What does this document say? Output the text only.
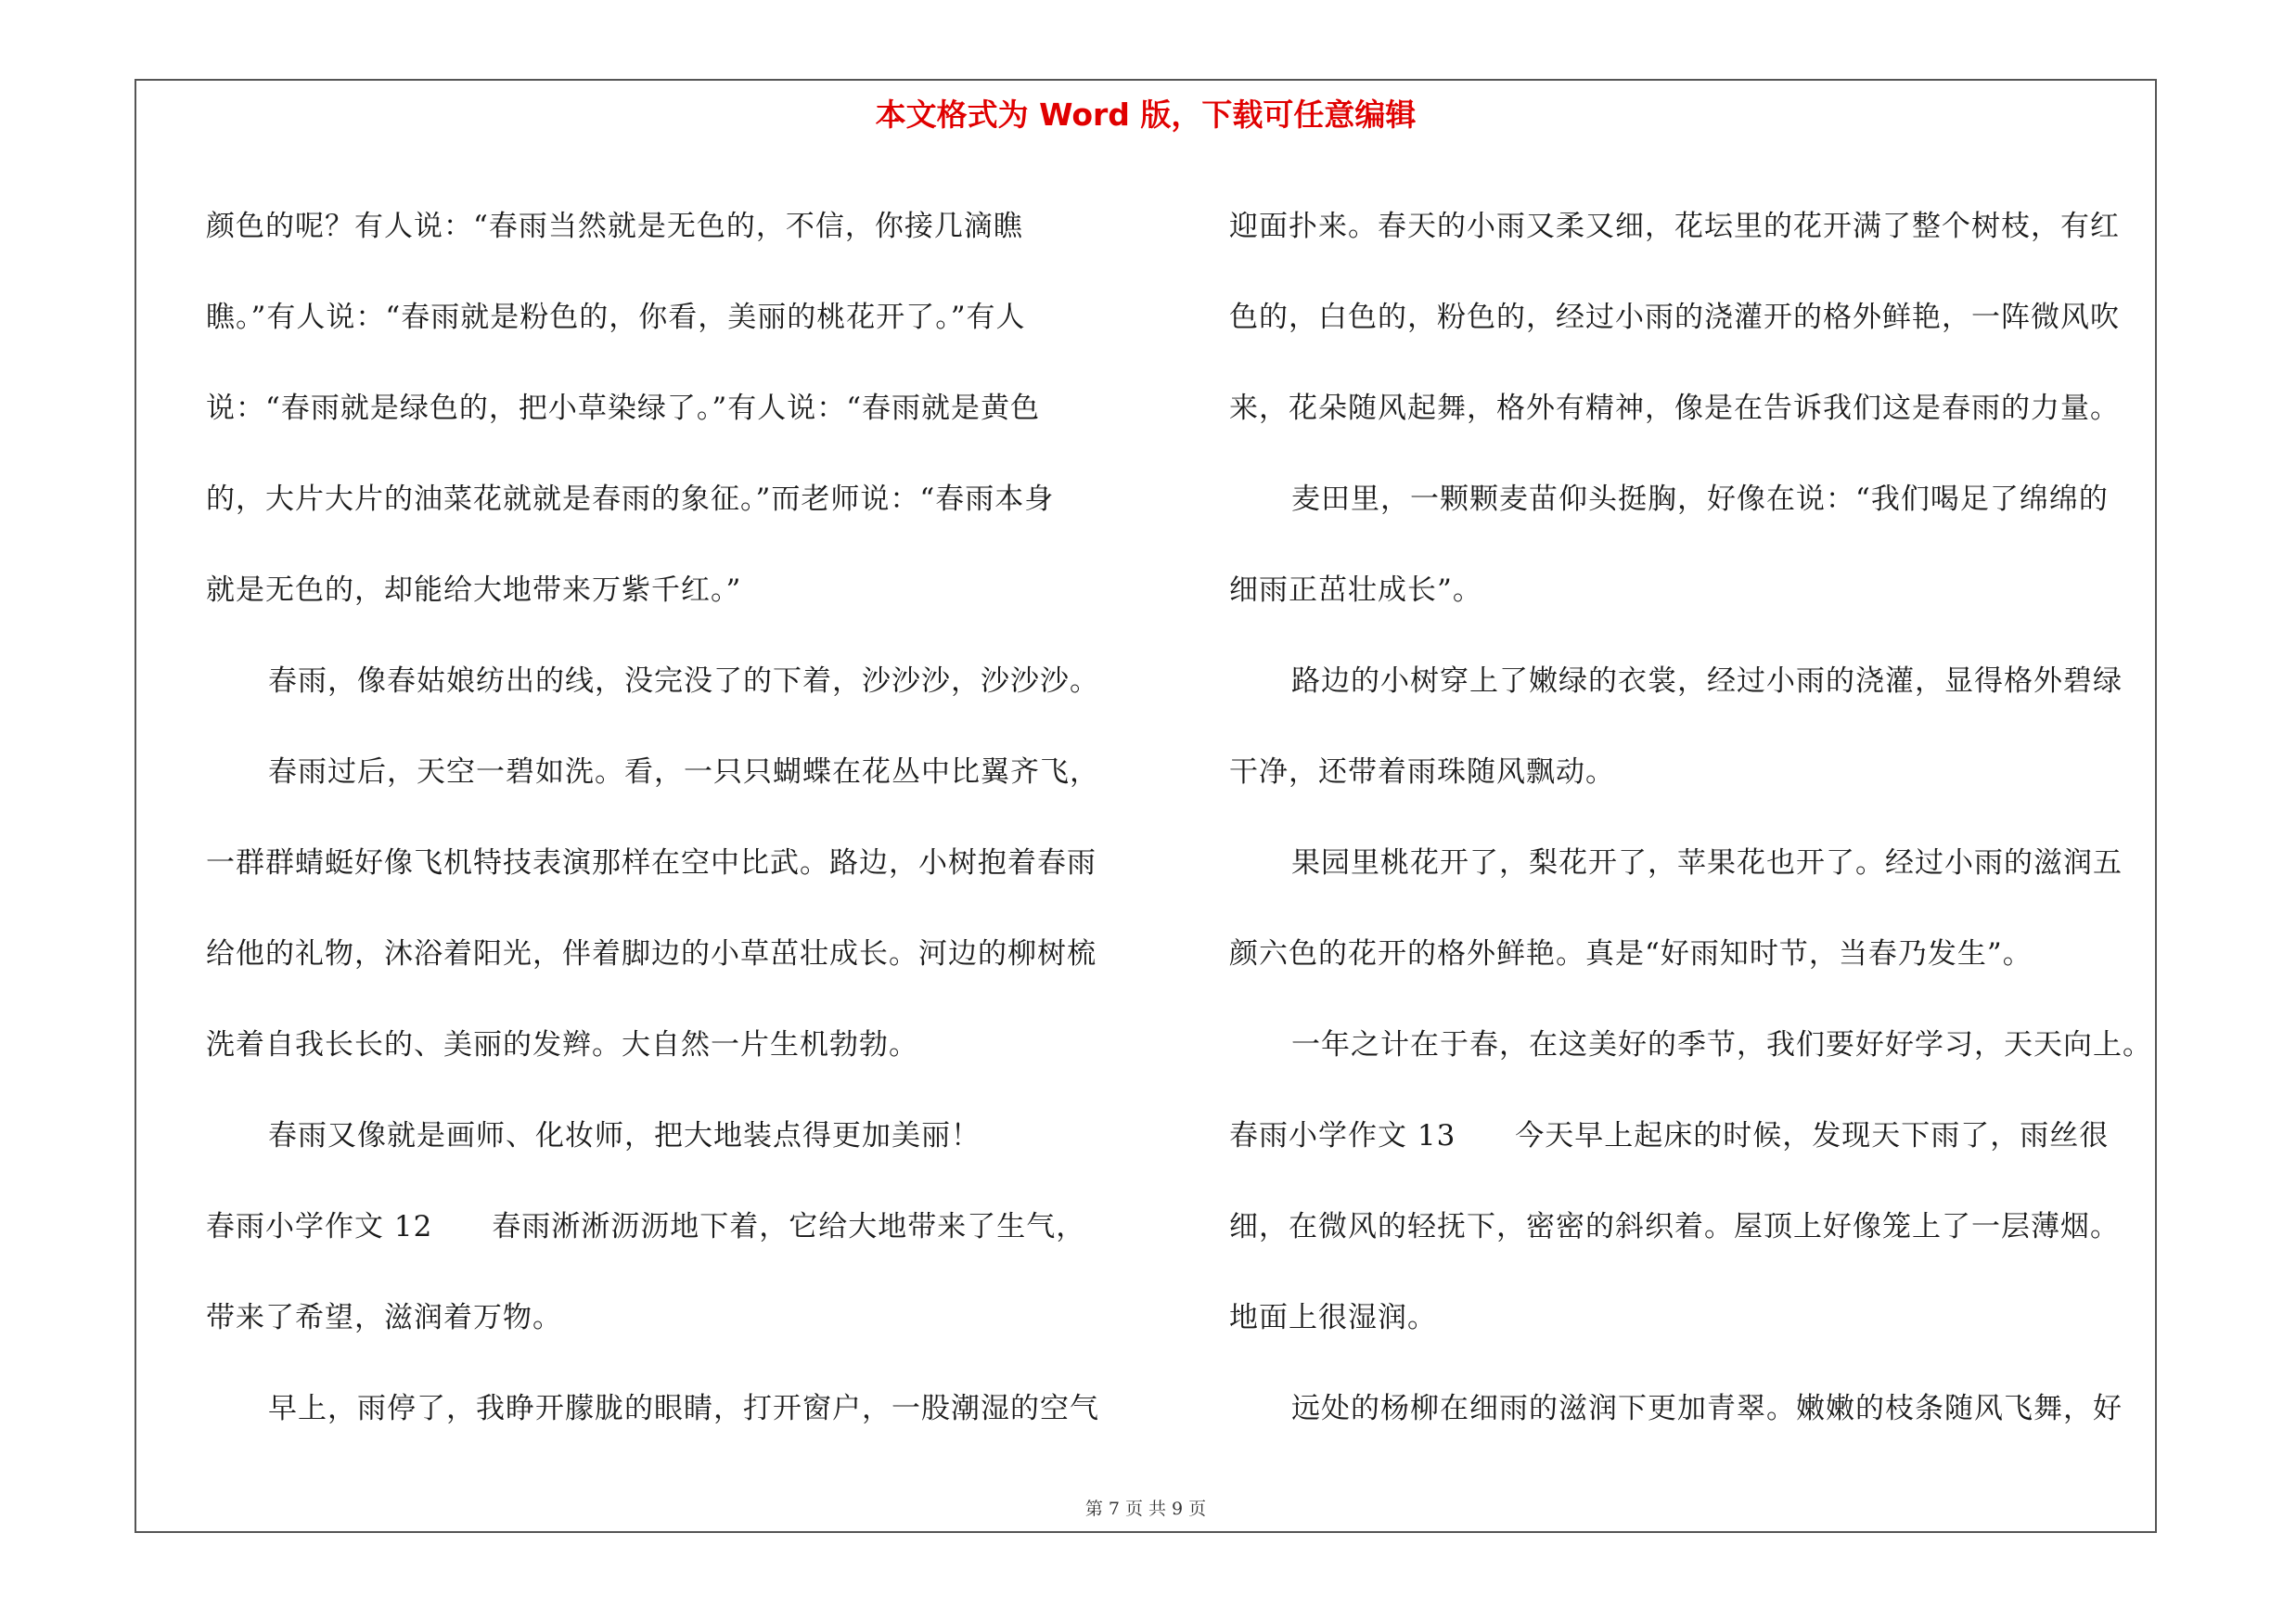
本文格式为 Word 版，下载可任意编辑

颜色的呢？有人说：“春雨当然就是无色的，不信，你接几滴瞧

瞧。”有人说：“春雨就是粉色的，你看，美丽的桃花开了。”有人

说：“春雨就是绿色的，把小草染绿了。”有人说：“春雨就是黄色

的，大片大片的油菜花就就是春雨的象征。”而老师说：“春雨本身

就是无色的，却能给大地带来万紫千红。”

春雨，像春姑娘纺出的线，没完没了的下着，沙沙沙，沙沙沙。

春雨过后，天空一碧如洗。看，一只只蝴蝶在花丛中比翼齐飞，

一群群蜻蜓好像飞机特技表演那样在空中比武。路边，小树抱着春雨

给他的礼物，沐浴着阳光，伴着脚边的小草茁壮成长。河边的柳树梳

洗着自我长长的、美丽的发辫。大自然一片生机勃勃。

春雨又像就是画师、化妆师，把大地装点得更加美丽！

春雨小学作文 12　　春雨淅淅沥沥地下着，它给大地带来了生气，

带来了希望，滋润着万物。

早上，雨停了，我睁开朦胧的眼睛，打开窗户，一股潮湿的空气

迎面扑来。春天的小雨又柔又细，花坛里的花开满了整个树枝，有红

色的，白色的，粉色的，经过小雨的浇灌开的格外鲜艳，一阵微风吹

来，花朵随风起舞，格外有精神，像是在告诉我们这是春雨的力量。

麦田里，一颗颗麦苗仰头挺胸，好像在说：“我们喝足了绵绵的

细雨正茁壮成长”。

路边的小树穿上了嫩绿的衣裳，经过小雨的浇灌，显得格外碧绿

干净，还带着雨珠随风飘动。

果园里桃花开了，梨花开了，苹果花也开了。经过小雨的滋润五

颜六色的花开的格外鲜艳。真是“好雨知时节，当春乃发生”。

一年之计在于春，在这美好的季节，我们要好好学习，天天向上。

春雨小学作文 13　　今天早上起床的时候，发现天下雨了，雨丝很

细，在微风的轻抚下，密密的斜织着。屋顶上好像笼上了一层薄烟。

地面上很湿润。

远处的杨柳在细雨的滋润下更加青翠。嫩嫩的枝条随风飞舞，好

第 7 页 共 9 页
